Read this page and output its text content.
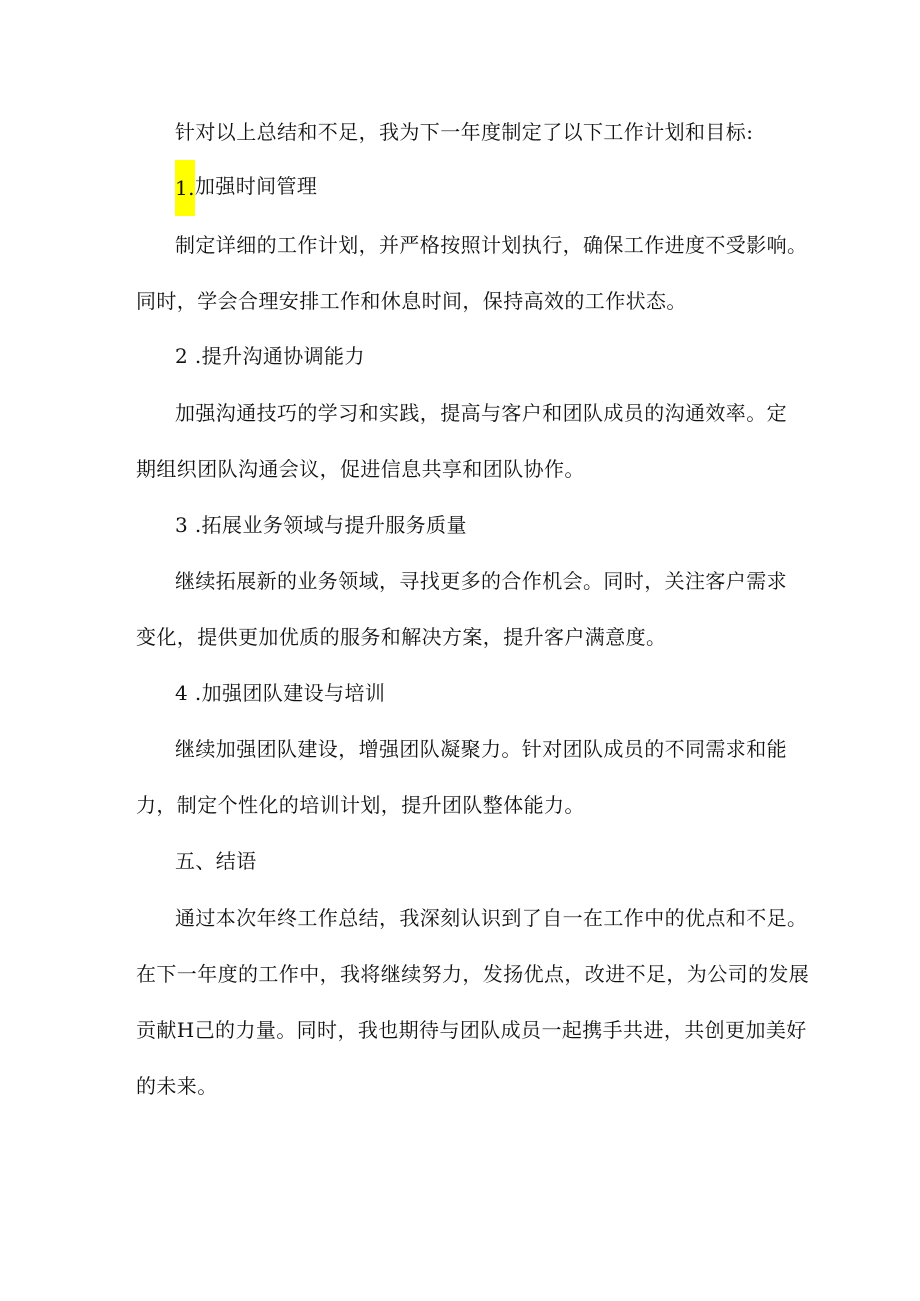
针对以上总结和不足，我为下一年度制定了以下工作计划和目标:
1.加强时间管理
制定详细的工作计划，并严格按照计划执行，确保工作进度不受影响。
同时，学会合理安排工作和休息时间，保持高效的工作状态。
2 .提升沟通协调能力
加强沟通技巧的学习和实践，提高与客户和团队成员的沟通效率。定
期组织团队沟通会议，促进信息共享和团队协作。
3 .拓展业务领域与提升服务质量
继续拓展新的业务领域，寻找更多的合作机会。同时，关注客户需求
变化，提供更加优质的服务和解决方案，提升客户满意度。
4 .加强团队建设与培训
继续加强团队建设，增强团队凝聚力。针对团队成员的不同需求和能
力，制定个性化的培训计划，提升团队整体能力。
五、结语
通过本次年终工作总结，我深刻认识到了自一在工作中的优点和不足。
在下一年度的工作中，我将继续努力，发扬优点，改进不足，为公司的发展
贡献H己的力量。同时，我也期待与团队成员一起携手共进，共创更加美好
的未来。
